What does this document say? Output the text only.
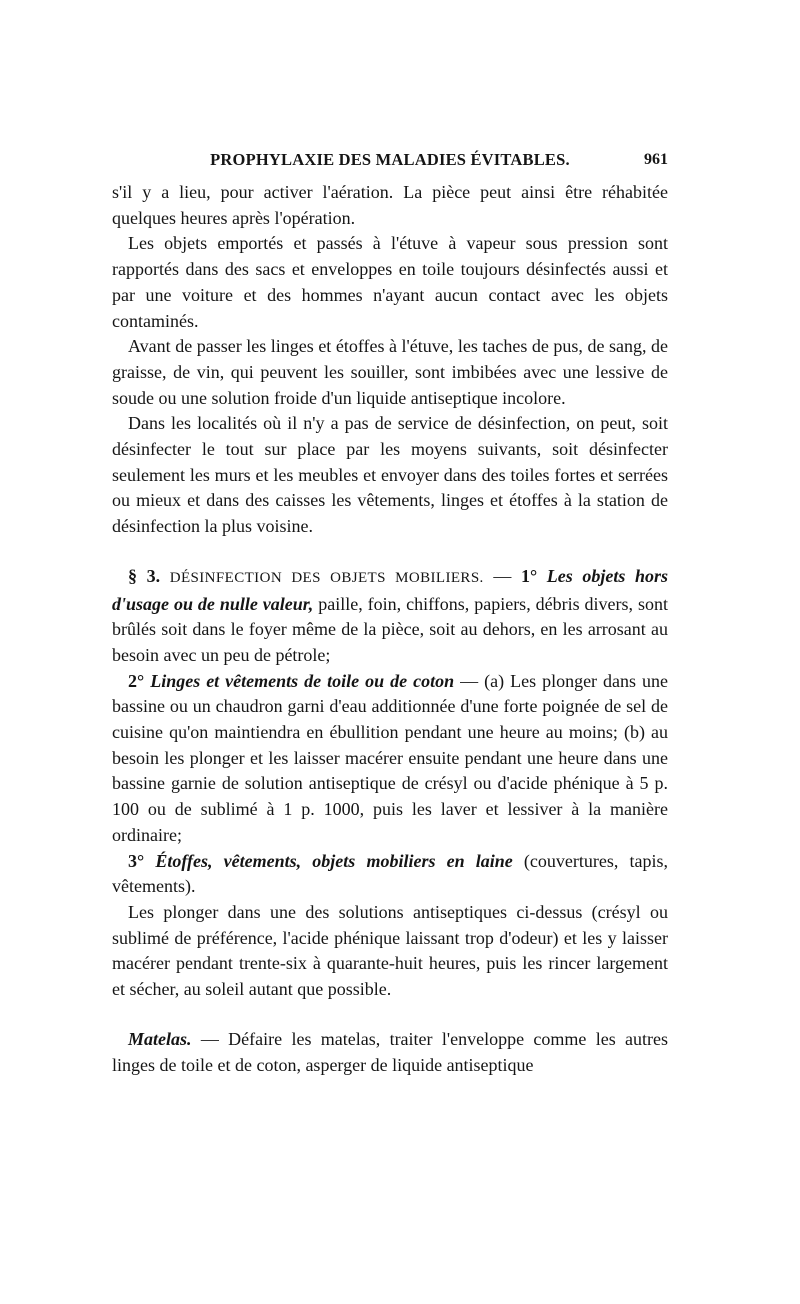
PROPHYLAXIE DES MALADIES ÉVITABLES.	961

s'il y a lieu, pour activer l'aération. La pièce peut ainsi être réhabitée quelques heures après l'opération.

Les objets emportés et passés à l'étuve à vapeur sous pression sont rapportés dans des sacs et enveloppes en toile toujours désinfectés aussi et par une voiture et des hommes n'ayant aucun contact avec les objets contaminés.

Avant de passer les linges et étoffes à l'étuve, les taches de pus, de sang, de graisse, de vin, qui peuvent les souiller, sont imbibées avec une lessive de soude ou une solution froide d'un liquide antiseptique incolore.

Dans les localités où il n'y a pas de service de désinfection, on peut, soit désinfecter le tout sur place par les moyens suivants, soit désinfecter seulement les murs et les meubles et envoyer dans des toiles fortes et serrées ou mieux et dans des caisses les vêtements, linges et étoffes à la station de désinfection la plus voisine.

§ 3. DÉSINFECTION DES OBJETS MOBILIERS. — 1° Les objets hors d'usage ou de nulle valeur, paille, foin, chiffons, papiers, débris divers, sont brûlés soit dans le foyer même de la pièce, soit au dehors, en les arrosant au besoin avec un peu de pétrole;

2° Linges et vêtements de toile ou de coton — (a) Les plonger dans une bassine ou un chaudron garni d'eau additionnée d'une forte poignée de sel de cuisine qu'on maintiendra en ébullition pendant une heure au moins; (b) au besoin les plonger et les laisser macérer ensuite pendant une heure dans une bassine garnie de solution antiseptique de crésyl ou d'acide phénique à 5 p. 100 ou de sublimé à 1 p. 1000, puis les laver et lessiver à la manière ordinaire;

3° Étoffes, vêtements, objets mobiliers en laine (couvertures, tapis, vêtements).

Les plonger dans une des solutions antiseptiques ci-dessus (crésyl ou sublimé de préférence, l'acide phénique laissant trop d'odeur) et les y laisser macérer pendant trente-six à quarante-huit heures, puis les rincer largement et sécher, au soleil autant que possible.

Matelas. — Défaire les matelas, traiter l'enveloppe comme les autres linges de toile et de coton, asperger de liquide antiseptique
